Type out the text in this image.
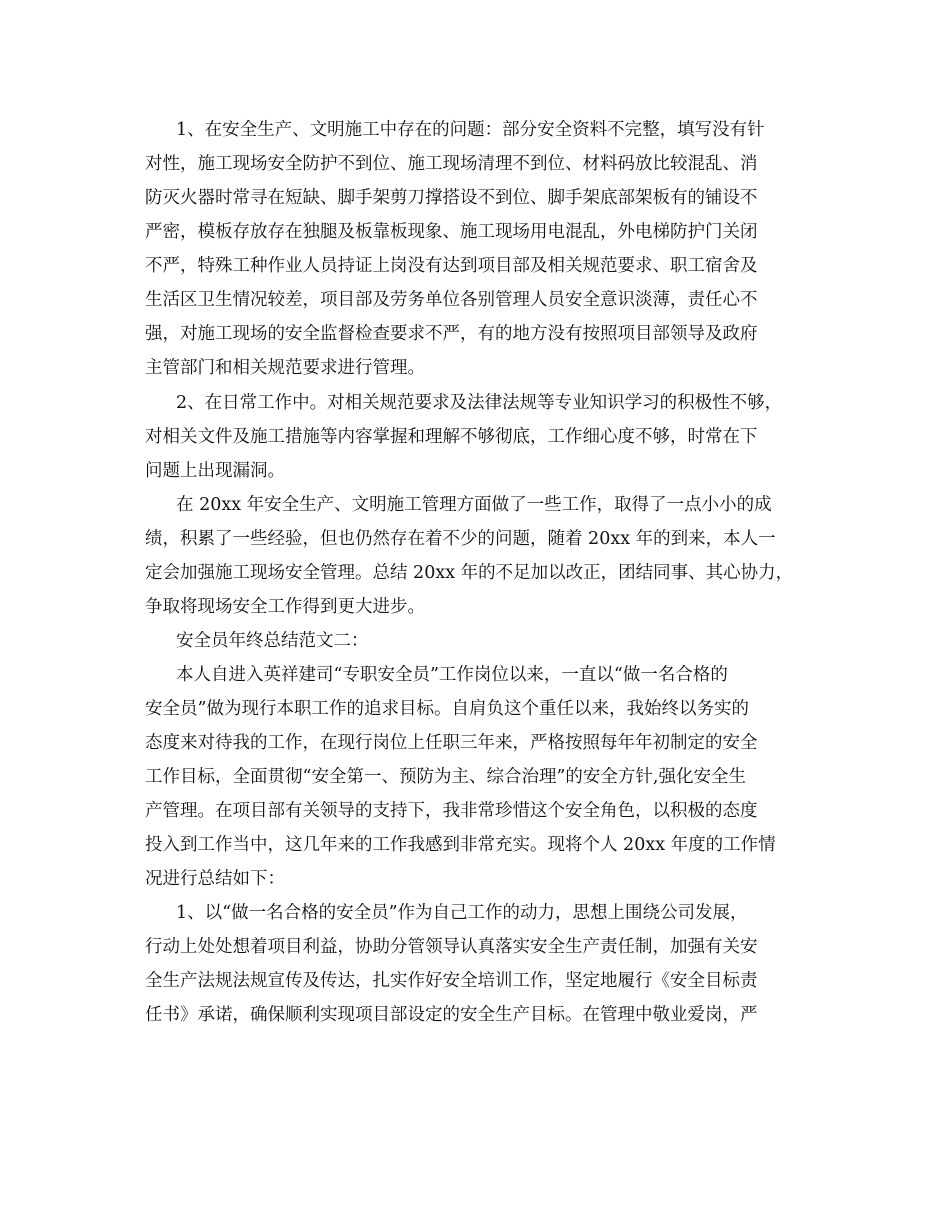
1、在安全生产、文明施工中存在的问题：部分安全资料不完整，填写没有针
对性，施工现场安全防护不到位、施工现场清理不到位、材料码放比较混乱、消
防灭火器时常寻在短缺、脚手架剪刀撑搭设不到位、脚手架底部架板有的铺设不
严密，模板存放存在独腿及板靠板现象、施工现场用电混乱，外电梯防护门关闭
不严，特殊工种作业人员持证上岗没有达到项目部及相关规范要求、职工宿舍及
生活区卫生情况较差，项目部及劳务单位各别管理人员安全意识淡薄，责任心不
强，对施工现场的安全监督检查要求不严，有的地方没有按照项目部领导及政府
主管部门和相关规范要求进行管理。
2、在日常工作中。对相关规范要求及法律法规等专业知识学习的积极性不够，
对相关文件及施工措施等内容掌握和理解不够彻底，工作细心度不够，时常在下
问题上出现漏洞。
在 20xx 年安全生产、文明施工管理方面做了一些工作，取得了一点小小的成
绩，积累了一些经验，但也仍然存在着不少的问题，随着 20xx 年的到来，本人一
定会加强施工现场安全管理。总结 20xx 年的不足加以改正，团结同事、其心协力，
争取将现场安全工作得到更大进步。
安全员年终总结范文二：
本人自进入英祥建司“专职安全员”工作岗位以来，一直以“做一名合格的
安全员”做为现行本职工作的追求目标。自肩负这个重任以来，我始终以务实的
态度来对待我的工作，在现行岗位上任职三年来，严格按照每年年初制定的安全
工作目标，全面贯彻“安全第一、预防为主、综合治理”的安全方针,强化安全生
产管理。在项目部有关领导的支持下，我非常珍惜这个安全角色，以积极的态度
投入到工作当中，这几年来的工作我感到非常充实。现将个人 20xx 年度的工作情
况进行总结如下：
1、以“做一名合格的安全员”作为自己工作的动力，思想上围绕公司发展，
行动上处处想着项目利益，协助分管领导认真落实安全生产责任制，加强有关安
全生产法规法规宣传及传达，扎实作好安全培训工作，坚定地履行《安全目标责
任书》承诺，确保顺利实现项目部设定的安全生产目标。在管理中敬业爱岗，严
